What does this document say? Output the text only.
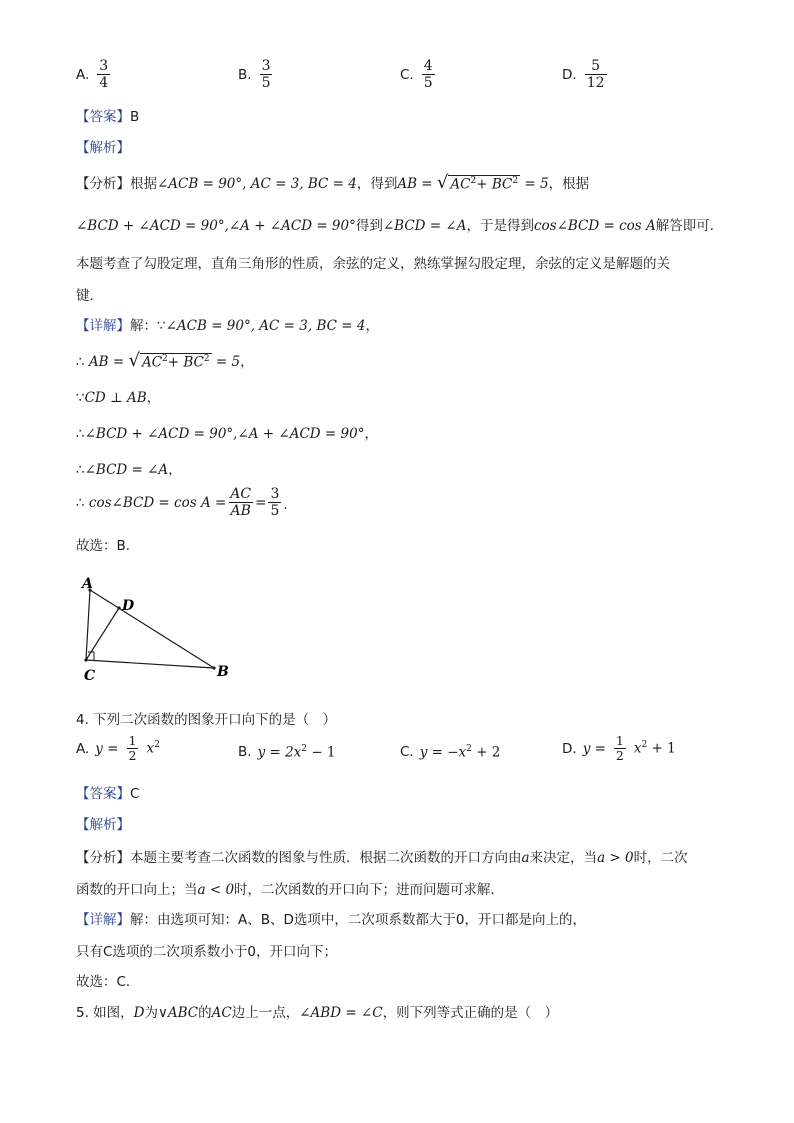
A. $\frac{3}{4}$	B. $\frac{3}{5}$	C. $\frac{4}{5}$	D. $\frac{5}{12}$
【答案】B
【解析】
【分析】根据∠ACB = 90°, AC = 3, BC = 4，得到AB = √ $AC^2+ BC^2 = 5$，根据
∠BCD + ∠ACD = 90°,∠A + ∠ACD = 90°得到∠BCD = ∠A，于是得到cos∠BCD = cos A解答即可．
本题考查了勾股定理，直角三角形的性质，余弦的定义，熟练掌握勾股定理，余弦的定义是解题的关
键．
【详解】解：∵∠ACB = 90°, AC = 3, BC = 4，
∴ AB = √ $AC^2+ BC^2 = 5$，
∵CD ⊥ AB，
∴∠BCD + ∠ACD = 90°,∠A + ∠ACD = 90°，
∴∠BCD = ∠A，
∴
cos∠BCD = $\cos A = \frac{AC}{AB} = \frac{3}{5}$ ．
故选：B．
A
D
C	B
4. 下列二次函数的图象开口向下的是（　）
A. $y = \frac{1}{2} x^2$	B. $y = 2x^2 - 1$	C. $y = -x^2 + 2$	D. $y = \frac{1}{2} x^2 + 1$
【答案】C
【解析】
【分析】本题主要考查二次函数的图象与性质．根据二次函数的开口方向由a来决定，当a > 0时，二次
函数的开口向上；当a < 0时，二次函数的开口向下；进而问题可求解．
【详解】解：由选项可知：A、B、D选项中，二次项系数都大于0，开口都是向上的，
只有C选项的二次项系数小于0，开口向下；
故选：C．
5. 如图，D为∨ABC的AC边上一点，∠ABD = ∠C，则下列等式正确的是（　）
